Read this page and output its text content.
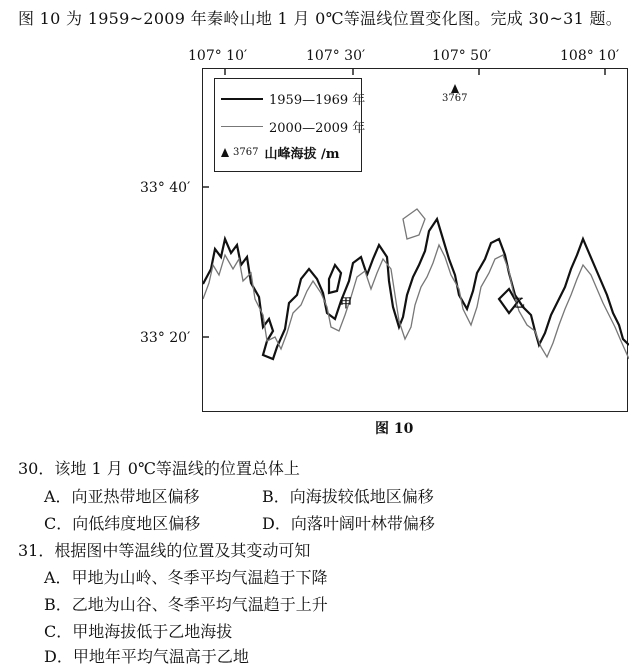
图 10 为 1959~2009 年秦岭山地 1 月 0℃等温线位置变化图。完成 30~31 题。
107° 10′	107° 30′	107° 50′	108° 10′
33° 40′
33° 20′
甲	乙
3767
1959—1969 年
2000—2009 年
3767 山峰海拔 /m
图 10
30．该地 1 月 0℃等温线的位置总体上
A．向亚热带地区偏移	B．向海拔较低地区偏移
C．向低纬度地区偏移	D．向落叶阔叶林带偏移
31．根据图中等温线的位置及其变动可知
A．甲地为山岭、冬季平均气温趋于下降
B．乙地为山谷、冬季平均气温趋于上升
C．甲地海拔低于乙地海拔
D．甲地年平均气温高于乙地
